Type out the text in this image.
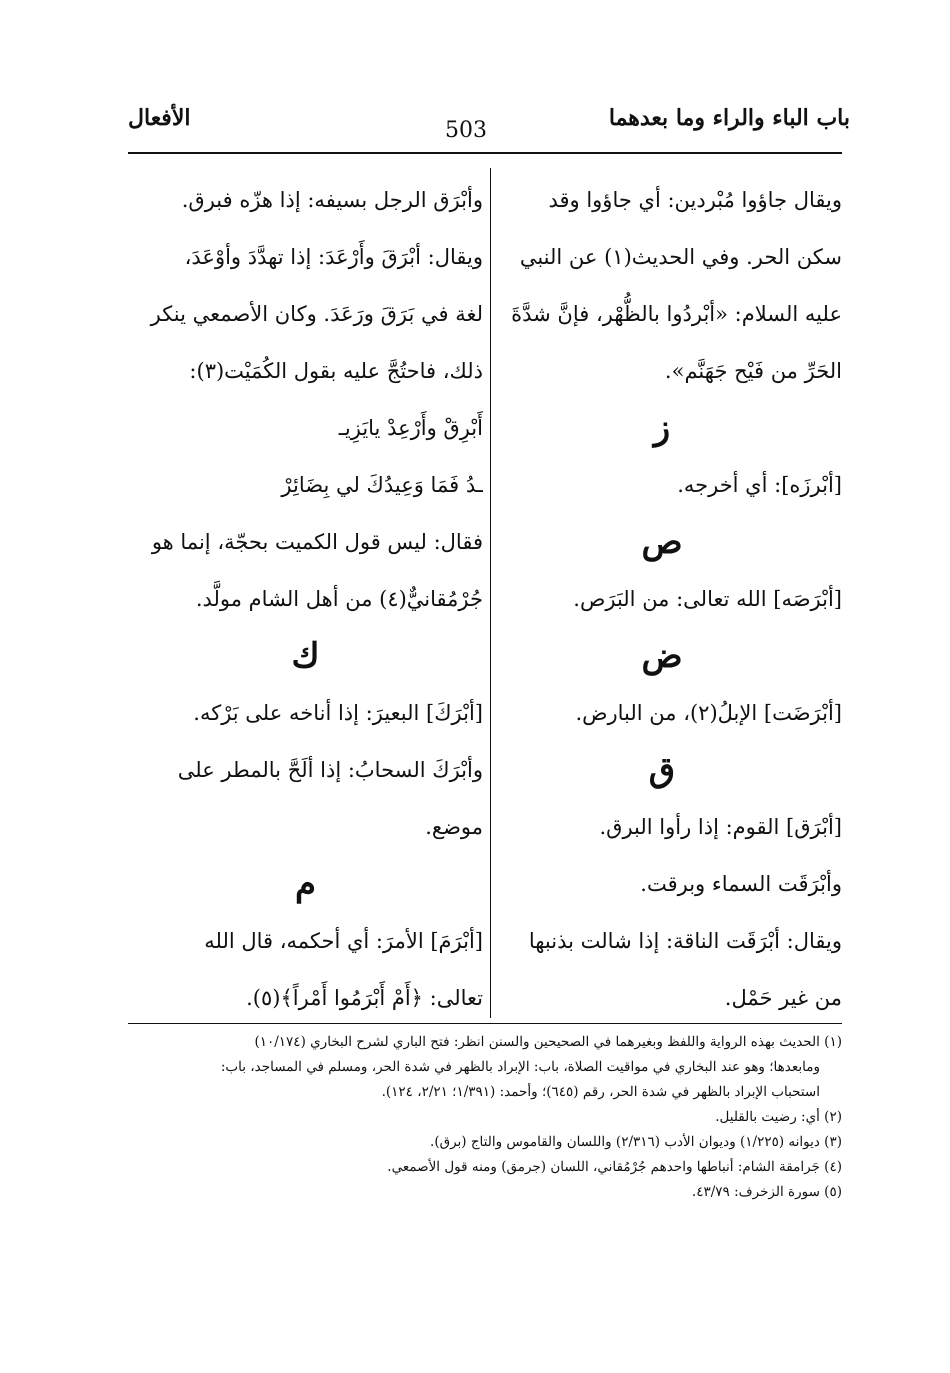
باب الباء والراء وما بعدهما
503
الأفعال
ويقال جاؤوا مُبْردين: أي جاؤوا وقد
سكن الحر. وفي الحديث(١) عن النبي
عليه السلام: «أبْردُوا بالظُّهْر، فإنَّ شدَّةَ
الحَرِّ من فَيْح جَهَنَّم».
ز
[أبْرزَه]: أي أخرجه.
ص
[أبْرَصَه] الله تعالى: من البَرَص.
ض
[أبْرَضَت] الإبلُ(٢)، من البارض.
ق
[أبْرَق] القوم: إذا رأوا البرق.
وأبْرَقَت السماء وبرقت.
ويقال: أبْرَقَت الناقة: إذا شالت بذنبها
من غير حَمْل.
وأبْرَق الرجل بسيفه: إذا هزّه فبرق.
ويقال: أبْرَقَ وأَرْعَدَ: إذا تهدَّدَ وأوْعَدَ،
لغة في بَرَقَ ورَعَدَ. وكان الأصمعي ينكر
ذلك، فاحتُجَّ عليه بقول الكُمَيْت(٣):
أَبْرِقْ وأَرْعِدْ يايَزِيـ
ـدُ فَمَا وَعِيدُكَ لي بِضَائِرْ
فقال: ليس قول الكميت بحجّة، إنما هو
جُرْمُقانيٌّ(٤) من أهل الشام مولَّد.
ك
[أبْرَكَ] البعيرَ: إذا أناخه على بَرْكه.
وأبْرَكَ السحابُ: إذا ألَحَّ بالمطر على
موضع.
م
[أبْرَمَ] الأمرَ: أي أحكمه، قال الله
تعالى: ﴿أَمْ أَبْرَمُوا أَمْراً﴾(٥).
(١) الحديث بهذه الرواية واللفظ وبغيرهما في الصحيحين والسنن انظر: فتح الباري لشرح البخاري (١٠/١٧٤)
ومابعدها؛ وهو عند البخاري في مواقيت الصلاة، باب: الإبراد بالظهر في شدة الحر، ومسلم في المساجد، باب:
استحباب الإبراد بالظهر في شدة الحر، رقم (٦٤٥)؛ وأحمد: (١/٣٩١؛ ٢/٢١، ١٢٤).
(٢) أي: رضيت بالقليل.
(٣) ديوانه (١/٢٢٥) وديوان الأدب (٢/٣١٦) واللسان والقاموس والتاج (برق).
(٤) جَرامقة الشام: أنباطها واحدهم جُرْمُقاني، اللسان (جرمق) ومنه قول الأصمعي.
(٥) سورة الزخرف: ٤٣/٧٩.
